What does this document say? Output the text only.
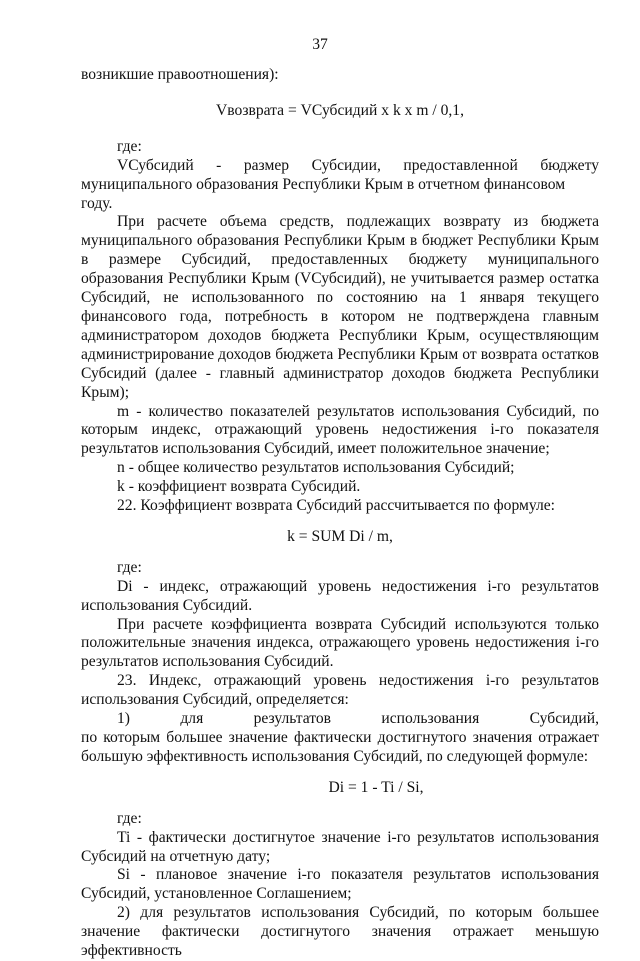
37

возникшие правоотношения):

Vвозврата = VСубсидий x k x m / 0,1,

где:

VСубсидий - размер Субсидии, предоставленной бюджету

муниципального образования Республики Крым в отчетном финансовом году.

При расчете объема средств, подлежащих возврату из бюджета муниципального образования Республики Крым в бюджет Республики Крым в размере Субсидий, предоставленных бюджету муниципального образования Республики Крым (VСубсидий), не учитывается размер остатка Субсидий, не использованного по состоянию на 1 января текущего финансового года, потребность в котором не подтверждена главным администратором доходов бюджета Республики Крым, осуществляющим администрирование доходов бюджета Республики Крым от возврата остатков Субсидий (далее - главный администратор доходов бюджета Республики Крым);

m - количество показателей результатов использования Субсидий, по которым индекс, отражающий уровень недостижения i-го показателя результатов использования Субсидий, имеет положительное значение;

n - общее количество результатов использования Субсидий;

k - коэффициент возврата Субсидий.

22. Коэффициент возврата Субсидий рассчитывается по формуле:

k = SUM Di / m,

где:

Di - индекс, отражающий уровень недостижения i-го результатов использования Субсидий.

При расчете коэффициента возврата Субсидий используются только положительные значения индекса, отражающего уровень недостижения i-го результатов использования Субсидий.

23. Индекс, отражающий уровень недостижения i-го результатов использования Субсидий, определяется:

1) для результатов использования Субсидий,

по которым большее значение фактически достигнутого значения отражает большую эффективность использования Субсидий, по следующей формуле:

Di = 1 - Ti / Si,

где:

Ti - фактически достигнутое значение i-го результатов использования Субсидий на отчетную дату;

Si - плановое значение i-го показателя результатов использования Субсидий, установленное Соглашением;

2) для результатов использования Субсидий, по которым большее значение фактически достигнутого значения отражает меньшую эффективность
